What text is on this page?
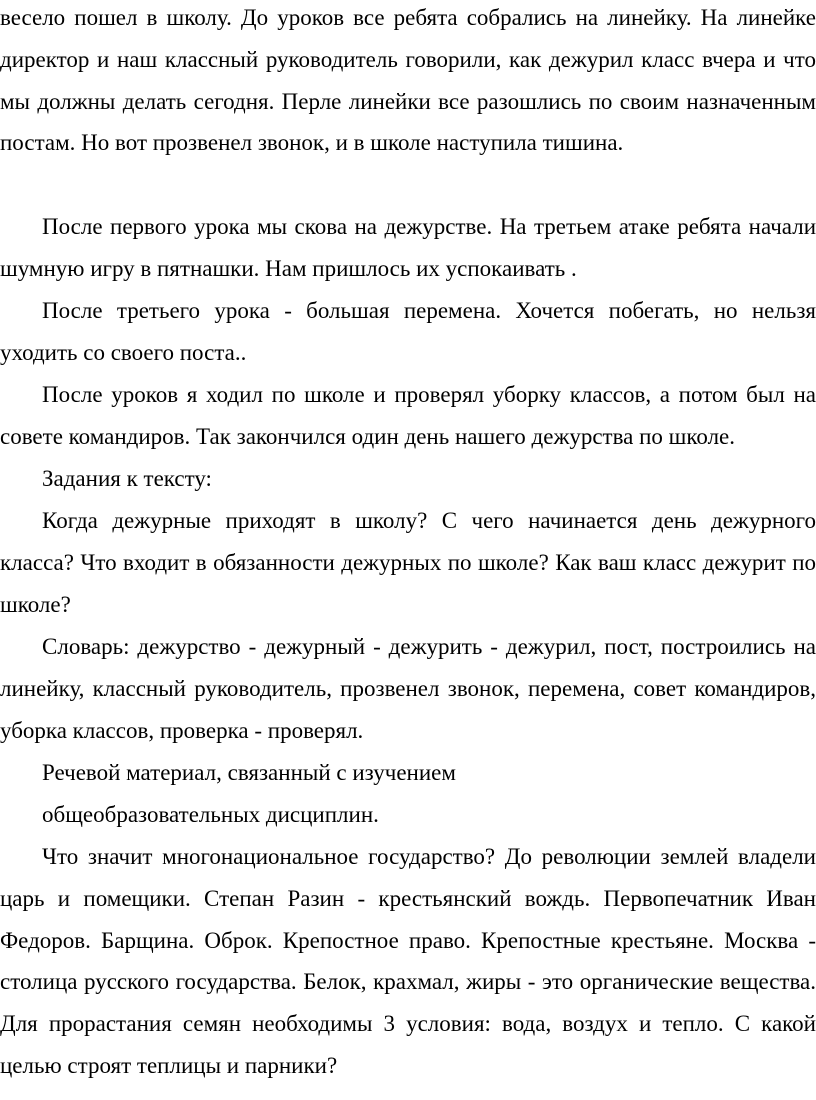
весело пошел в школу. До уроков все ребята собрались на линейку. На линейке директор и наш классный руководитель говорили, как дежурил класс вчера и что мы должны делать сегодня. Перле линейки все разошлись по своим назначенным постам. Но вот прозвенел звонок, и в школе наступила тишина.

После первого урока мы скова на дежурстве. На третьем атаке ребята начали шумную игру в пятнашки. Нам пришлось их успокаивать .

После третьего урока - большая перемена. Хочется побегать, но нельзя уходить со своего поста..

После уроков я ходил по школе и проверял уборку классов, а потом был на совете командиров. Так закончился один день нашего дежурства по школе.

Задания к тексту:

Когда дежурные приходят в школу? С чего начинается день дежурного класса? Что входит в обязанности дежурных по школе? Как ваш класс дежурит по школе?

Словарь: дежурство - дежурный - дежурить - дежурил, пост, построились на линейку, классный руководитель, прозвенел звонок, перемена, совет командиров, уборка классов, проверка - проверял.

Речевой материал, связанный с изучением

общеобразовательных дисциплин.

Что значит многонациональное государство? До революции землей владели царь и помещики. Степан Разин - крестьянский вождь. Первопечатник Иван Федоров. Барщина. Оброк. Крепостное право. Крепостные крестьяне. Москва - столица русского государства. Белок, крахмал, жиры - это органические вещества. Для прорастания семян необходимы 3 условия: вода, воздух и тепло. С какой целью строят теплицы и парники?
